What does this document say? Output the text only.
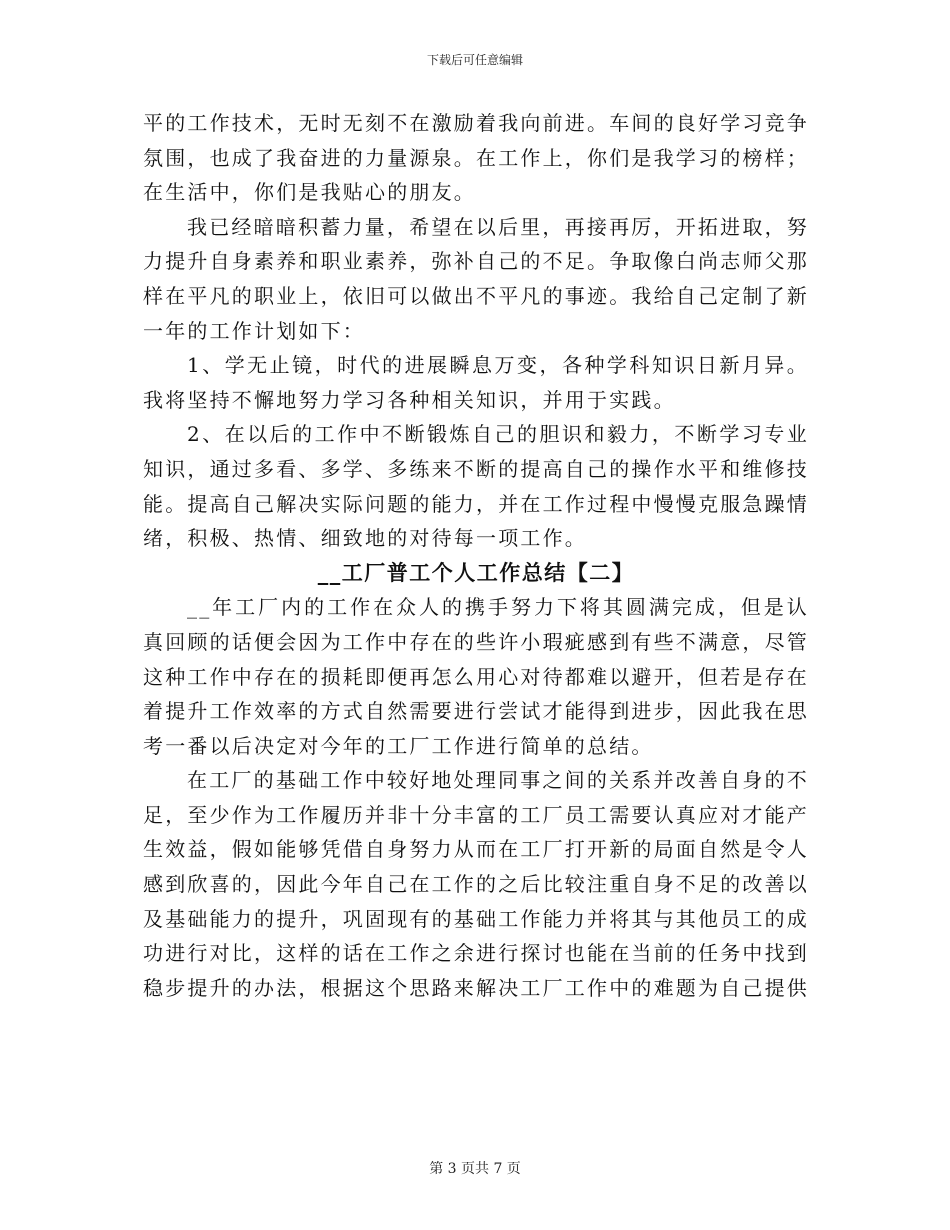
下载后可任意编辑

平的工作技术，无时无刻不在激励着我向前进。车间的良好学习竞争氛围，也成了我奋进的力量源泉。在工作上，你们是我学习的榜样；在生活中，你们是我贴心的朋友。

我已经暗暗积蓄力量，希望在以后里，再接再厉，开拓进取，努力提升自身素养和职业素养，弥补自己的不足。争取像白尚志师父那样在平凡的职业上，依旧可以做出不平凡的事迹。我给自己定制了新一年的工作计划如下：

1、学无止镜，时代的进展瞬息万变，各种学科知识日新月异。我将坚持不懈地努力学习各种相关知识，并用于实践。

2、在以后的工作中不断锻炼自己的胆识和毅力，不断学习专业知识，通过多看、多学、多练来不断的提高自己的操作水平和维修技能。提高自己解决实际问题的能力，并在工作过程中慢慢克服急躁情绪，积极、热情、细致地的对待每一项工作。

__工厂普工个人工作总结【二】

__年工厂内的工作在众人的携手努力下将其圆满完成，但是认真回顾的话便会因为工作中存在的些许小瑕疵感到有些不满意，尽管这种工作中存在的损耗即便再怎么用心对待都难以避开，但若是存在着提升工作效率的方式自然需要进行尝试才能得到进步，因此我在思考一番以后决定对今年的工厂工作进行简单的总结。

在工厂的基础工作中较好地处理同事之间的关系并改善自身的不足，至少作为工作履历并非十分丰富的工厂员工需要认真应对才能产生效益，假如能够凭借自身努力从而在工厂打开新的局面自然是令人感到欣喜的，因此今年自己在工作的之后比较注重自身不足的改善以及基础能力的提升，巩固现有的基础工作能力并将其与其他员工的成功进行对比，这样的话在工作之余进行探讨也能在当前的任务中找到稳步提升的办法，根据这个思路来解决工厂工作中的难题为自己提供

第 3 页共 7 页
